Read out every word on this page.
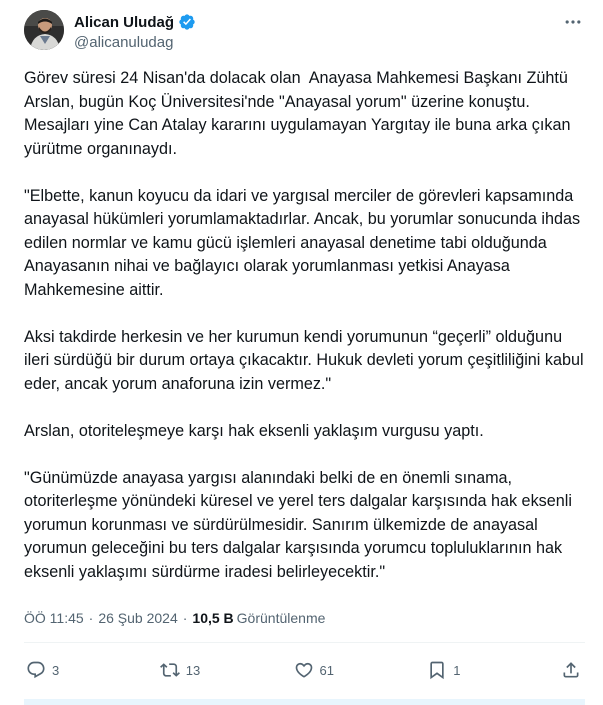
Alican Uludağ
@alicanuludag

Görev süresi 24 Nisan'da dolacak olan  Anayasa Mahkemesi Başkanı Zühtü Arslan, bugün Koç Üniversitesi'nde "Anayasal yorum" üzerine konuştu. Mesajları yine Can Atalay kararını uygulamayan Yargıtay ile buna arka çıkan yürütme organınaydı.

"Elbette, kanun koyucu da idari ve yargısal merciler de görevleri kapsamında anayasal hükümleri yorumlamaktadırlar. Ancak, bu yorumlar sonucunda ihdas edilen normlar ve kamu gücü işlemleri anayasal denetime tabi olduğunda Anayasanın nihai ve bağlayıcı olarak yorumlanması yetkisi Anayasa Mahkemesine aittir.

Aksi takdirde herkesin ve her kurumun kendi yorumunun “geçerli” olduğunu ileri sürdüğü bir durum ortaya çıkacaktır. Hukuk devleti yorum çeşitliliğini kabul eder, ancak yorum anaforuna izin vermez."

Arslan, otoriteleşmeye karşı hak eksenli yaklaşım vurgusu yaptı.

"Günümüzde anayasa yargısı alanındaki belki de en önemli sınama, otoriterleşme yönündeki küresel ve yerel ters dalgalar karşısında hak eksenli yorumun korunması ve sürdürülmesidir. Sanırım ülkemizde de anayasal yorumun geleceğini bu ters dalgalar karşısında yorumcu topluluklarının hak eksenli yaklaşımı sürdürme iradesi belirleyecektir."

ÖÖ 11:45 · 26 Şub 2024 · 10,5 B Görüntülenme
3	13	61	1
